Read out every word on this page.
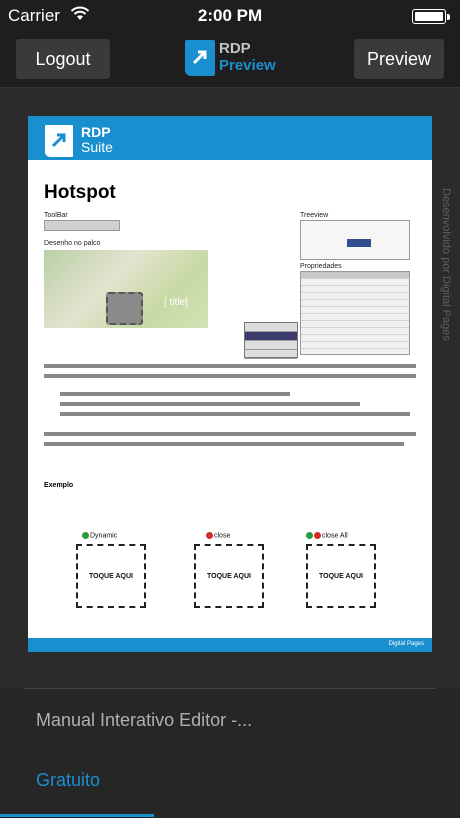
Carrier	2:00 PM
Logout	RDP
Preview	Preview
Desenvolvido por Digital Pages
RDP
Suite
Hotspot
ToolBar
Desenho no palco
[ title]
Treeview
Propriedades
Exemplo
Dynamic
TOQUE AQUI
close
TOQUE AQUI
close All
TOQUE AQUI
Digital Pages
Manual Interativo Editor -...
Gratuito
